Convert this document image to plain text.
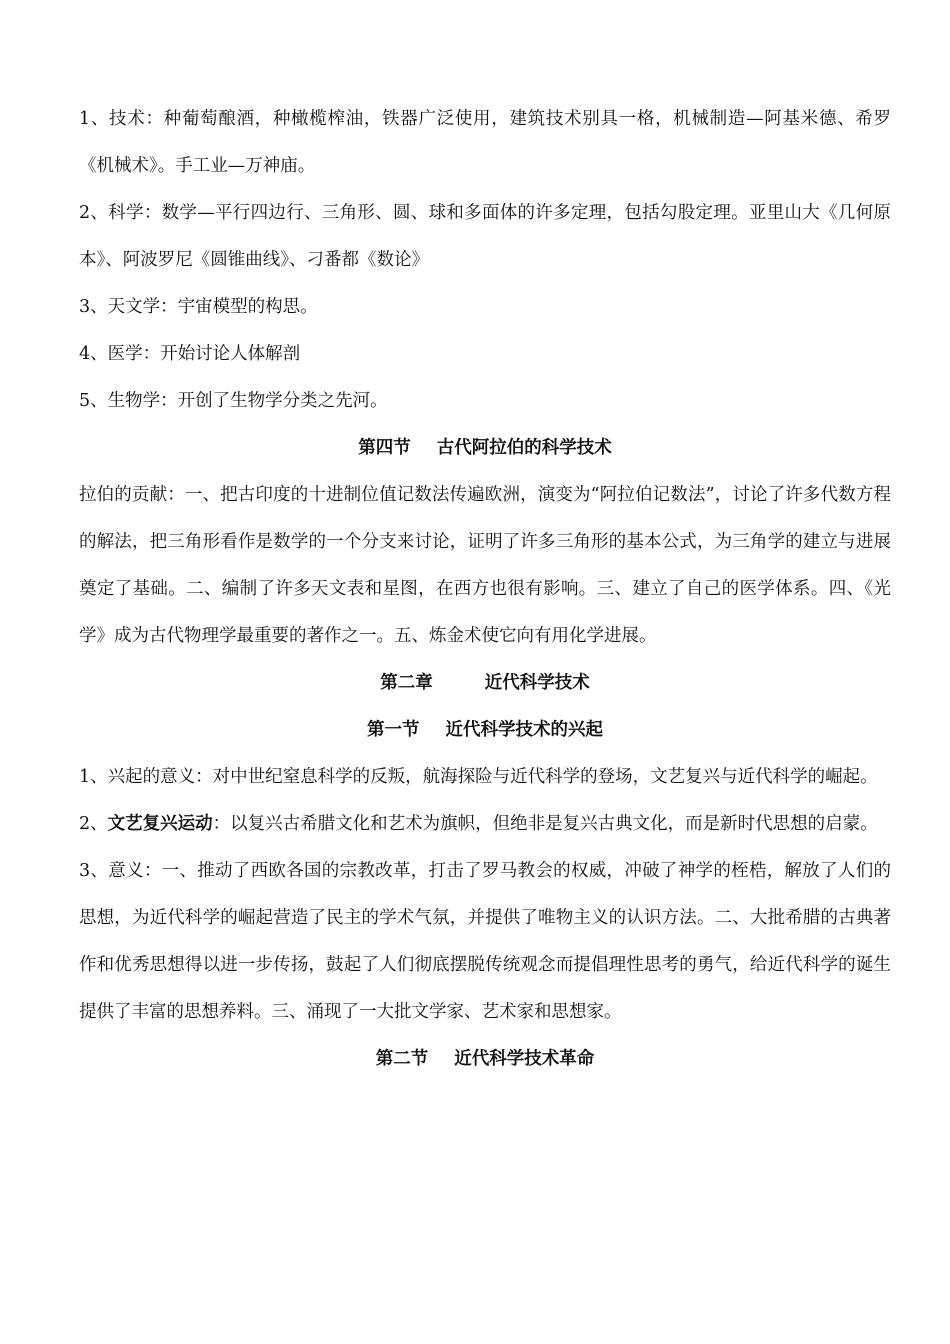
1、技术：种葡萄酿酒，种橄榄榨油，铁器广泛使用，建筑技术别具一格，机械制造—阿基米德、希罗《机械术》。手工业—万神庙。

2、科学：数学—平行四边行、三角形、圆、球和多面体的许多定理，包括勾股定理。亚里山大《几何原本》、阿波罗尼《圆锥曲线》、刁番都《数论》

3、天文学：宇宙模型的构思。

4、医学：开始讨论人体解剖

5、生物学：开创了生物学分类之先河。

第四节 古代阿拉伯的科学技术

拉伯的贡献：一、把古印度的十进制位值记数法传遍欧洲，演变为“阿拉伯记数法”，讨论了许多代数方程的解法，把三角形看作是数学的一个分支来讨论，证明了许多三角形的基本公式，为三角学的建立与进展奠定了基础。二、编制了许多天文表和星图，在西方也很有影响。三、建立了自己的医学体系。四、《光学》成为古代物理学最重要的著作之一。五、炼金术使它向有用化学进展。

第二章	近代科学技术

第一节 近代科学技术的兴起

1、兴起的意义：对中世纪窒息科学的反叛，航海探险与近代科学的登场，文艺复兴与近代科学的崛起。

2、文艺复兴运动：以复兴古希腊文化和艺术为旗帜，但绝非是复兴古典文化，而是新时代思想的启蒙。

3、意义：一、推动了西欧各国的宗教改革，打击了罗马教会的权威，冲破了神学的桎梏，解放了人们的思想，为近代科学的崛起营造了民主的学术气氛，并提供了唯物主义的认识方法。二、大批希腊的古典著作和优秀思想得以进一步传扬，鼓起了人们彻底摆脱传统观念而提倡理性思考的勇气，给近代科学的诞生提供了丰富的思想养料。三、涌现了一大批文学家、艺术家和思想家。

第二节 近代科学技术革命
